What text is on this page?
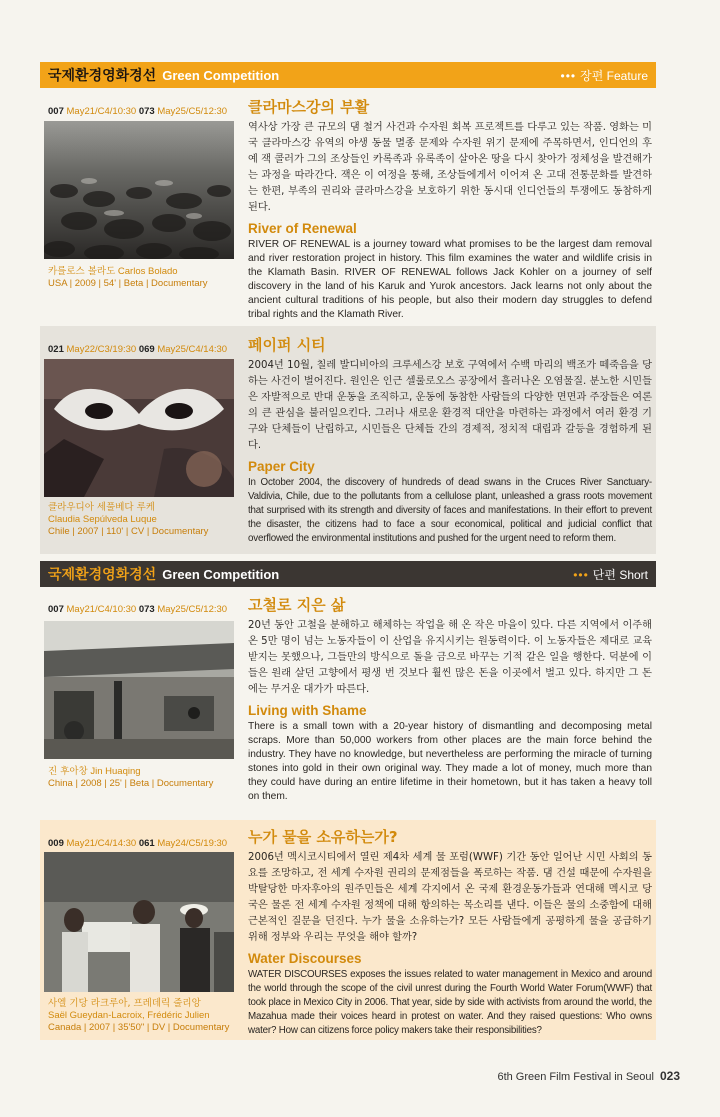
국제환경영화경선 Green Competition	••• 장편 Feature
007 May21/C4/10:30 073 May25/C5/12:30
카를로스 볼라도 Carlos Bolado
USA | 2009 | 54' | Beta | Documentary
클라마스강의 부활
역사상 가장 큰 규모의 댐 철거 사건과 수자원 회복 프로젝트를 다루고 있는 작품. 영화는 미국 클라마스강 유역의 야생 동물 멸종 문제와 수자원 위기 문제에 주목하면서, 인디언의 후예 잭 콜러가 그의 조상들인 카록족과 유록족이 살아온 땅을 다시 찾아가 정체성을 발견해가는 과정을 따라간다. 잭은 이 여정을 통해, 조상들에게서 이어져 온 고대 전통문화를 발견하는 한편, 부족의 권리와 클라마스강을 보호하기 위한 동시대 인디언들의 투쟁에도 동참하게 된다.
River of Renewal
RIVER OF RENEWAL is a journey toward what promises to be the largest dam removal and river restoration project in history. This film examines the water and wildlife crisis in the Klamath Basin. RIVER OF RENEWAL follows Jack Kohler on a journey of self discovery in the land of his Karuk and Yurok ancestors. Jack learns not only about the ancient cultural traditions of his people, but also their modern day struggles to defend tribal rights and the Klamath River.
021 May22/C3/19:30 069 May25/C4/14:30
클라우디아 세풀베다 루케
Claudia Sepúlveda Luque
Chile | 2007 | 110' | CV | Documentary
페이퍼 시티
2004년 10월, 칠레 발디비아의 크루세스강 보호 구역에서 수백 마리의 백조가 떼죽음을 당하는 사건이 벌어진다. 원인은 인근 셀룰로오스 공장에서 흘러나온 오염물질. 분노한 시민들은 자발적으로 반대 운동을 조직하고, 운동에 동참한 사람들의 다양한 면면과 주장들은 여론의 큰 관심을 불러일으킨다. 그러나 새로운 환경적 대안을 마련하는 과정에서 여러 환경 기구와 단체들이 난립하고, 시민들은 단체들 간의 경제적, 정치적 대립과 갈등을 경험하게 된다.
Paper City
In October 2004, the discovery of hundreds of dead swans in the Cruces River Sanctuary-Valdivia, Chile, due to the pollutants from a cellulose plant, unleashed a grass roots movement that surprised with its strength and diversity of faces and manifestations. In their effort to prevent the disaster, the citizens had to face a sour economical, political and judicial conflict that overflowed the environmental institutions and pushed for the urgent need to reform them.
국제환경영화경선 Green Competition	••• 단편 Short
007 May21/C4/10:30 073 May25/C5/12:30
진 후아창 Jin Huaqing
China | 2008 | 25' | Beta | Documentary
고철로 지은 삶
20년 동안 고철을 분해하고 해체하는 작업을 해 온 작은 마을이 있다. 다른 지역에서 이주해 온 5만 명이 넘는 노동자들이 이 산업을 유지시키는 원동력이다. 이 노동자들은 제대로 교육받지는 못했으나, 그들만의 방식으로 돌을 금으로 바꾸는 기적 같은 일을 행한다. 덕분에 이들은 원래 살던 고향에서 평생 번 것보다 훨씬 많은 돈을 이곳에서 벌고 있다. 하지만 그 돈에는 무거운 대가가 따른다.
Living with Shame
There is a small town with a 20-year history of dismantling and decomposing metal scraps. More than 50,000 workers from other places are the main force behind the industry. They have no knowledge, but nevertheless are performing the miracle of turning stones into gold in their own original way. They made a lot of money, much more than they could have during an entire lifetime in their hometown, but it has taken a heavy toll on them.
009 May21/C4/14:30 061 May24/C5/19:30
사엘 기당 라크루아, 프레데릭 줄리앙
Saël Gueydan-Lacroix, Frédéric Julien
Canada | 2007 | 35'50" | DV | Documentary
누가 물을 소유하는가?
2006년 멕시코시티에서 열린 제4차 세계 물 포럼(WWF) 기간 동안 일어난 시민 사회의 동요를 조망하고, 전 세계 수자원 권리의 문제점들을 폭로하는 작품. 댐 건설 때문에 수자원을 박탈당한 마자후아의 원주민들은 세계 각지에서 온 국제 환경운동가들과 연대해 멕시코 당국은 물론 전 세계 수자원 정책에 대해 항의하는 목소리를 낸다. 이들은 물의 소중함에 대해 근본적인 질문을 던진다. 누가 물을 소유하는가? 모든 사람들에게 공평하게 물을 공급하기 위해 정부와 우리는 무엇을 해야 할까?
Water Discourses
WATER DISCOURSES exposes the issues related to water management in Mexico and around the world through the scope of the civil unrest during the Fourth World Water Forum(WWF) that took place in Mexico City in 2006. That year, side by side with activists from around the world, the Mazahua made their voices heard in protest on water. And they raised questions: Who owns water? How can citizens force policy makers take their responsibilities?
6th Green Film Festival in Seoul 023
